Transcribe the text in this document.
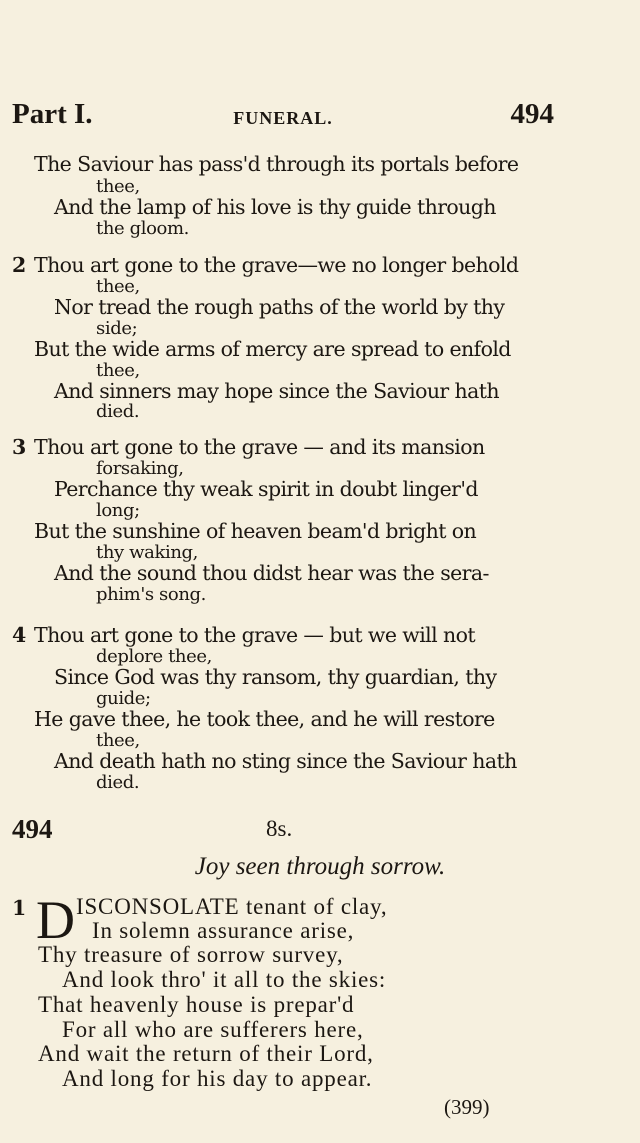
Part I.	FUNERAL.	494
The Saviour has pass'd through its portals before
thee,
And the lamp of his love is thy guide through
the gloom.
2 Thou art gone to the grave—we no longer behold
thee,
Nor tread the rough paths of the world by thy
side;
But the wide arms of mercy are spread to enfold
thee,
And sinners may hope since the Saviour hath
died.
3 Thou art gone to the grave — and its mansion
forsaking,
Perchance thy weak spirit in doubt linger'd
long;
But the sunshine of heaven beam'd bright on
thy waking,
And the sound thou didst hear was the sera-
phim's song.
4 Thou art gone to the grave — but we will not
deplore thee,
Since God was thy ransom, thy guardian, thy
guide;
He gave thee, he took thee, and he will restore
thee,
And death hath no sting since the Saviour hath
died.
494	8s.
Joy seen through sorrow.
1 D ISCONSOLATE tenant of clay,
In solemn assurance arise,
Thy treasure of sorrow survey,
And look thro' it all to the skies:
That heavenly house is prepar'd
For all who are sufferers here,
And wait the return of their Lord,
And long for his day to appear.
(399)
